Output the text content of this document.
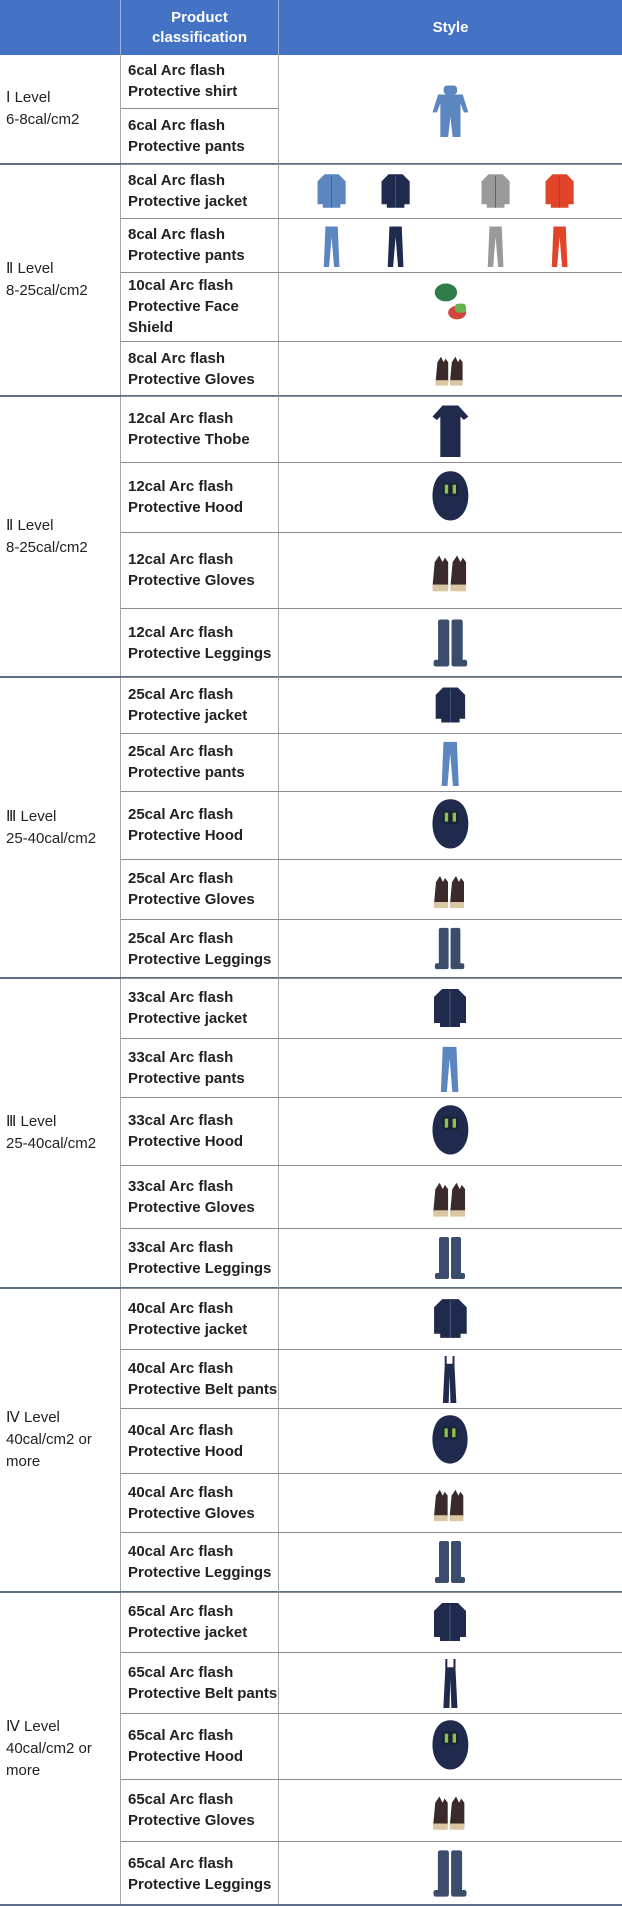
Product
classification
Style
Ⅰ Level
6-8cal/cm2
Ⅱ Level
8-25cal/cm2
Ⅱ Level
8-25cal/cm2
Ⅲ Level
25-40cal/cm2
Ⅲ Level
25-40cal/cm2
Ⅳ Level
40cal/cm2 or
more
Ⅳ Level
40cal/cm2 or
more
6cal Arc flash Protective shirt
6cal Arc flash Protective pants
8cal Arc flash Protective jacket
8cal Arc flash Protective pants
10cal Arc flash Protective Face Shield
8cal Arc flash Protective Gloves
12cal Arc flash Protective Thobe
12cal Arc flash Protective Hood
12cal Arc flash Protective Gloves
12cal Arc flash Protective Leggings
25cal Arc flash Protective jacket
25cal Arc flash Protective pants
25cal Arc flash Protective Hood
25cal Arc flash Protective Gloves
25cal Arc flash Protective Leggings
33cal Arc flash Protective jacket
33cal Arc flash Protective pants
33cal Arc flash Protective Hood
33cal Arc flash Protective Gloves
33cal Arc flash Protective Leggings
40cal Arc flash Protective jacket
40cal Arc flash Protective Belt pants
40cal Arc flash Protective Hood
40cal Arc flash Protective Gloves
40cal Arc flash Protective Leggings
65cal Arc flash Protective jacket
65cal Arc flash Protective Belt pants
65cal Arc flash Protective Hood
65cal Arc flash Protective Gloves
65cal Arc flash Protective Leggings
